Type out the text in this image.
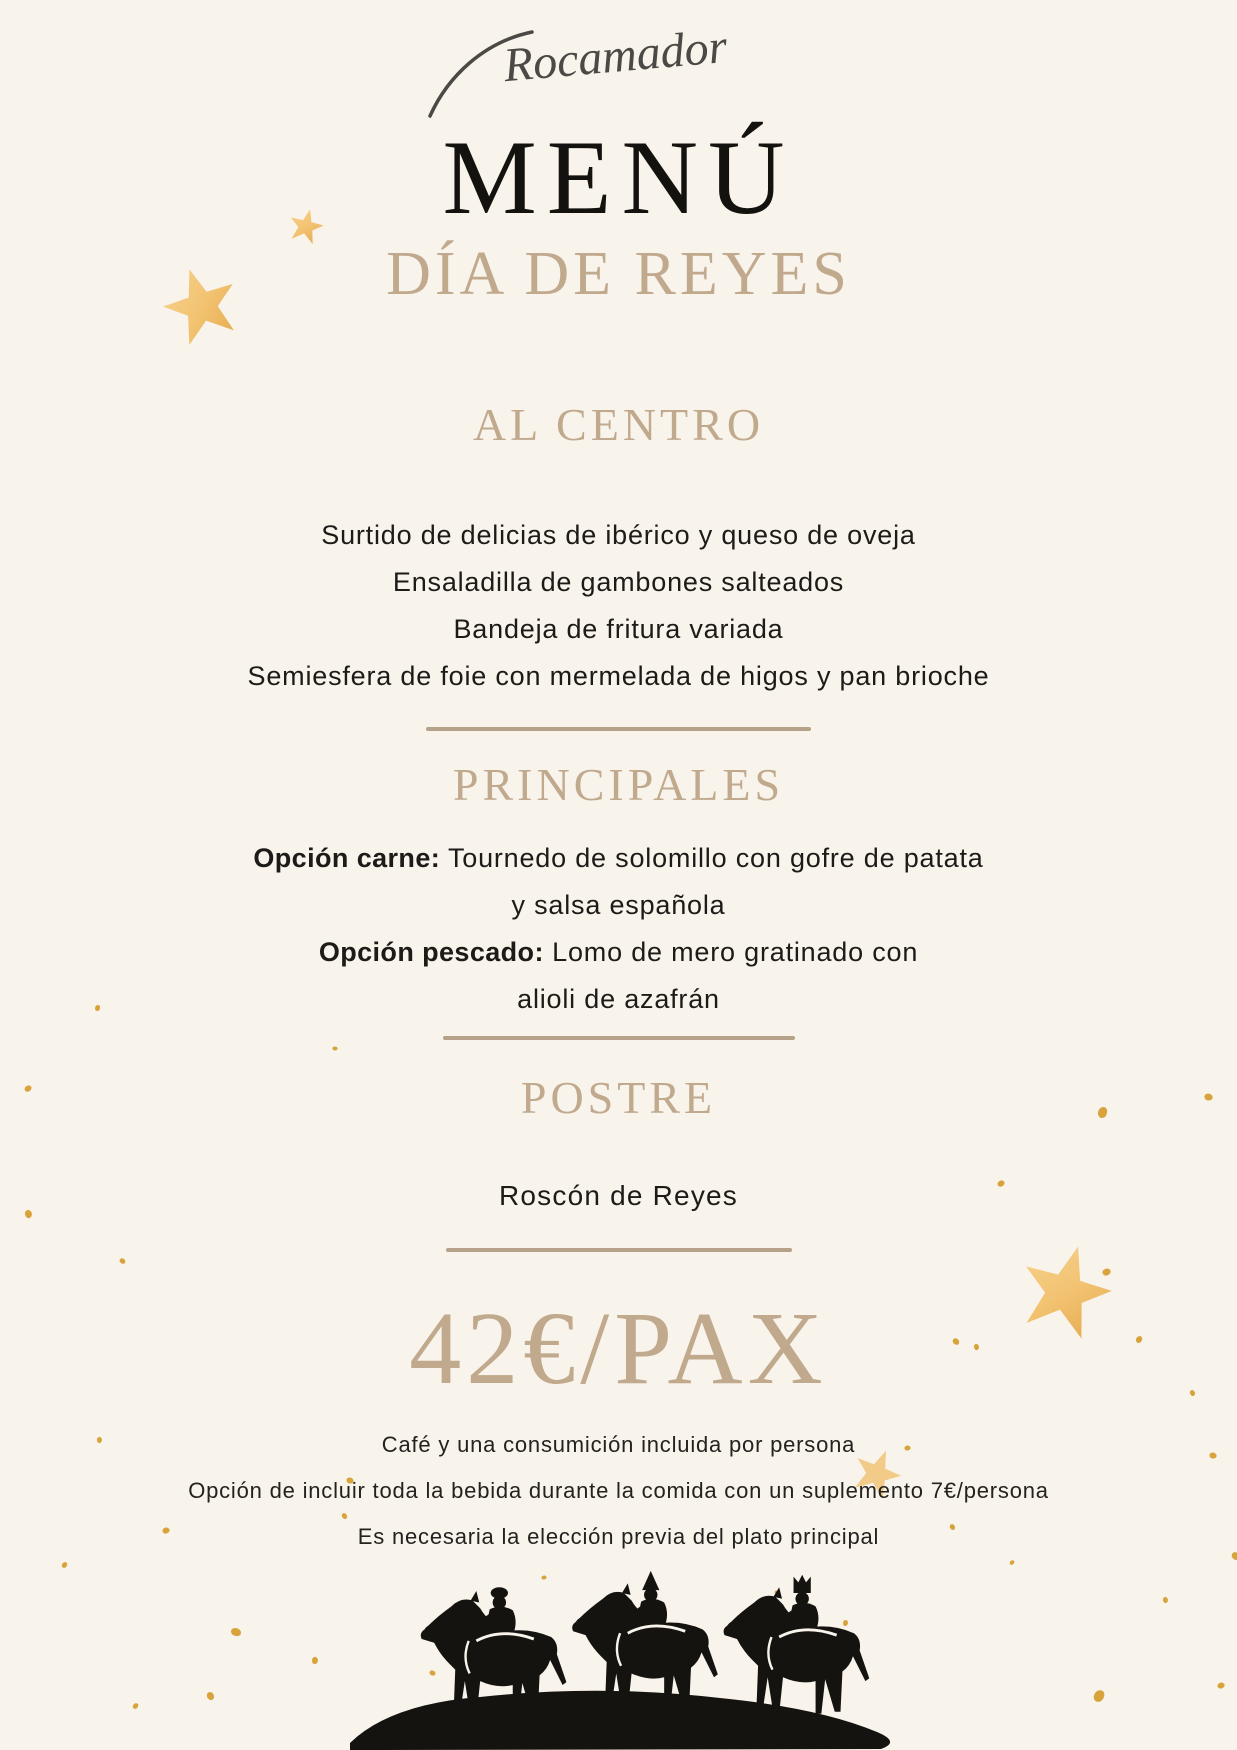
Rocamador
MENÚ
DÍA DE REYES
AL CENTRO
Surtido de delicias de ibérico y queso de oveja
Ensaladilla de gambones salteados
Bandeja de fritura variada
Semiesfera de foie con mermelada de higos y pan brioche
PRINCIPALES
Opción carne: Tournedo de solomillo con gofre de patata
y salsa española
Opción pescado: Lomo de mero gratinado con
alioli de azafrán
POSTRE
Roscón de Reyes
42€/PAX
Café y una consumición incluida por persona
Opción de incluir toda la bebida durante la comida con un suplemento 7€/persona
Es necesaria la elección previa del plato principal
